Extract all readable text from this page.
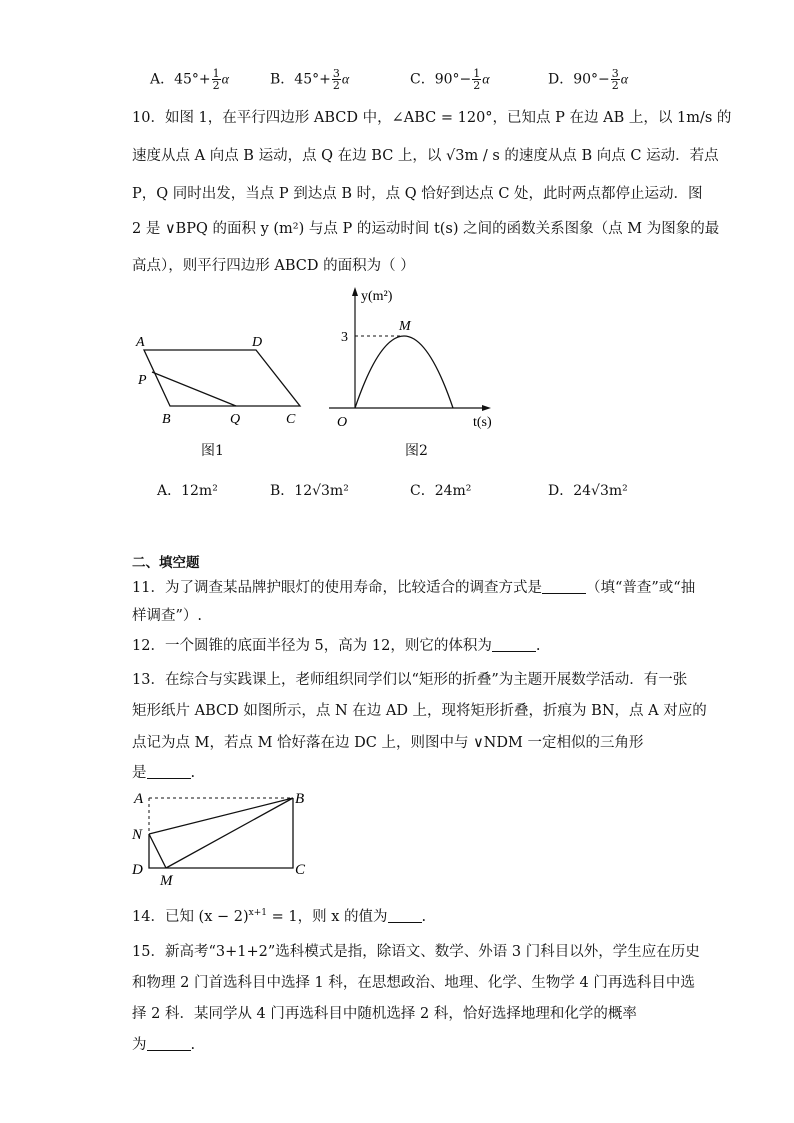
A．$45^\circ+ \frac{1}{2}$ α	B．$45^\circ+ \frac{3}{2}$ α	C．$90^\circ- \frac{1}{2}$ α	D．$90^\circ- \frac{3}{2}$ α
10．如图 1，在平行四边形 ABCD 中，∠ABC = 120°，已知点 P 在边 AB 上，以 1m/s 的
速度从点 A 向点 B 运动，点 Q 在边 BC 上，以 √3m / s 的速度从点 B 向点 C 运动．若点
P，Q 同时出发，当点 P 到达点 B 时，点 Q 恰好到达点 C 处，此时两点都停止运动．图
2 是 ∨BPQ 的面积 y (m²) 与点 P 的运动时间 t(s) 之间的函数关系图象（点 M 为图象的最
高点），则平行四边形 ABCD 的面积为（ ）
A	D
P
B	Q	C
图1
y(m²)
t(s)
O
M
3
图2
A．12m²	B．12√3m²	C．24m²	D．24√3m²
二、填空题
11．为了调查某品牌护眼灯的使用寿命，比较适合的调查方式是	（填“普查”或“抽
样调查”）.
12．一个圆锥的底面半径为 5，高为 12，则它的体积为	.
13．在综合与实践课上，老师组织同学们以“矩形的折叠”为主题开展数学活动．有一张
矩形纸片 ABCD 如图所示，点 N 在边 AD 上，现将矩形折叠，折痕为 BN，点 A 对应的
点记为点 M，若点 M 恰好落在边 DC 上，则图中与 ∨NDM 一定相似的三角形
是	.
A	B
N
D	C
M
14．已知 $(x - 2)^{x+1} = 1$，则 x 的值为 .
15．新高考“3+1+2”选科模式是指，除语文、数学、外语 3 门科目以外，学生应在历史
和物理 2 门首选科目中选择 1 科，在思想政治、地理、化学、生物学 4 门再选科目中选
择 2 科．某同学从 4 门再选科目中随机选择 2 科，恰好选择地理和化学的概率
为	.
